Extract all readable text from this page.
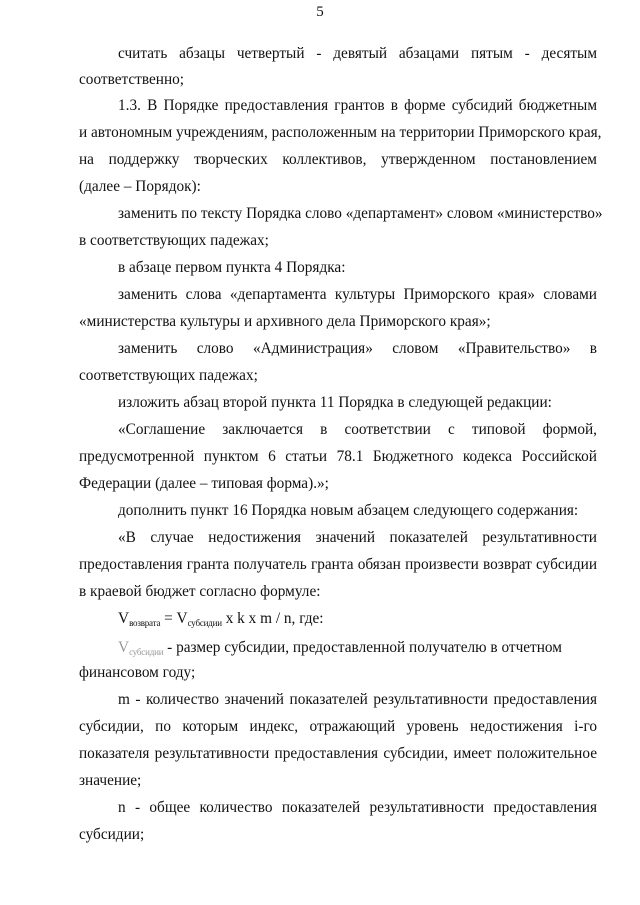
5
считать абзацы четвертый - девятый абзацами пятым - десятым
соответственно;
1.3. В Порядке предоставления грантов в форме субсидий бюджетным
и автономным учреждениям, расположенным на территории Приморского края,
на поддержку творческих коллективов, утвержденном постановлением
(далее – Порядок):
заменить по тексту Порядка слово «департамент» словом «министерство»
в соответствующих падежах;
в абзаце первом пункта 4 Порядка:
заменить слова «департамента культуры Приморского края» словами
«министерства культуры и архивного дела Приморского края»;
заменить слово «Администрация» словом «Правительство» в
соответствующих падежах;
изложить абзац второй пункта 11 Порядка в следующей редакции:
«Соглашение заключается в соответствии с типовой формой,
предусмотренной пунктом 6 статьи 78.1 Бюджетного кодекса Российской
Федерации (далее – типовая форма).»;
дополнить пункт 16 Порядка новым абзацем следующего содержания:
«В случае недостижения значений показателей результативности
предоставления гранта получатель гранта обязан произвести возврат субсидии
в краевой бюджет согласно формуле:
$V_{возврата} = V_{субсидии}$ x k x m / n, где:
$V_{субсидии}$ - размер субсидии, предоставленной получателю в отчетном
финансовом году;
m - количество значений показателей результативности предоставления
субсидии, по которым индекс, отражающий уровень недостижения i-го
показателя результативности предоставления субсидии, имеет положительное
значение;
n - общее количество показателей результативности предоставления
субсидии;
